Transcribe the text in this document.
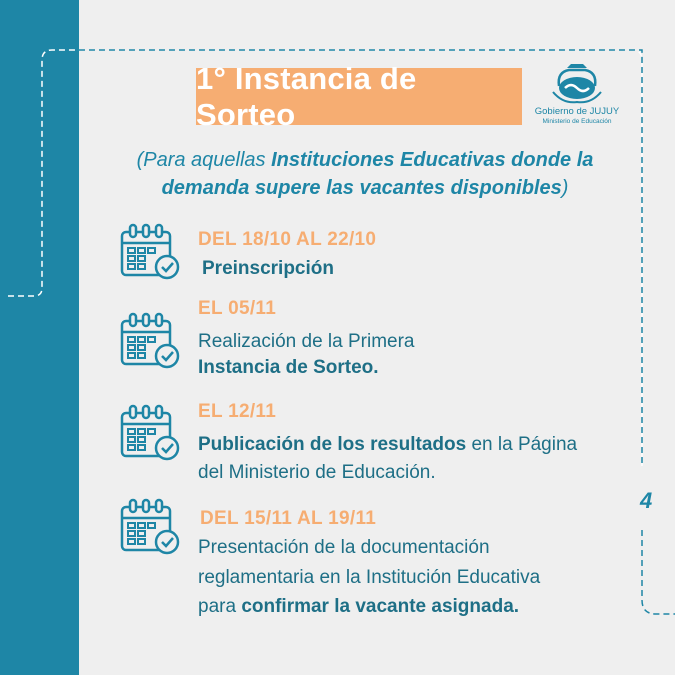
1° Instancia de Sorteo	Gobierno de JUJUY
Ministerio de Educación
(Para aquellas Instituciones Educativas donde la demanda supere las vacantes disponibles)
DEL 18/10 AL 22/10
Preinscripción
EL 05/11
Realización de la Primera
Instancia de Sorteo.
EL 12/11
Publicación de los resultados en la Página
del Ministerio de Educación.
DEL 15/11 AL 19/11
Presentación de la documentación
reglamentaria en la Institución Educativa
para confirmar la vacante asignada.
4
